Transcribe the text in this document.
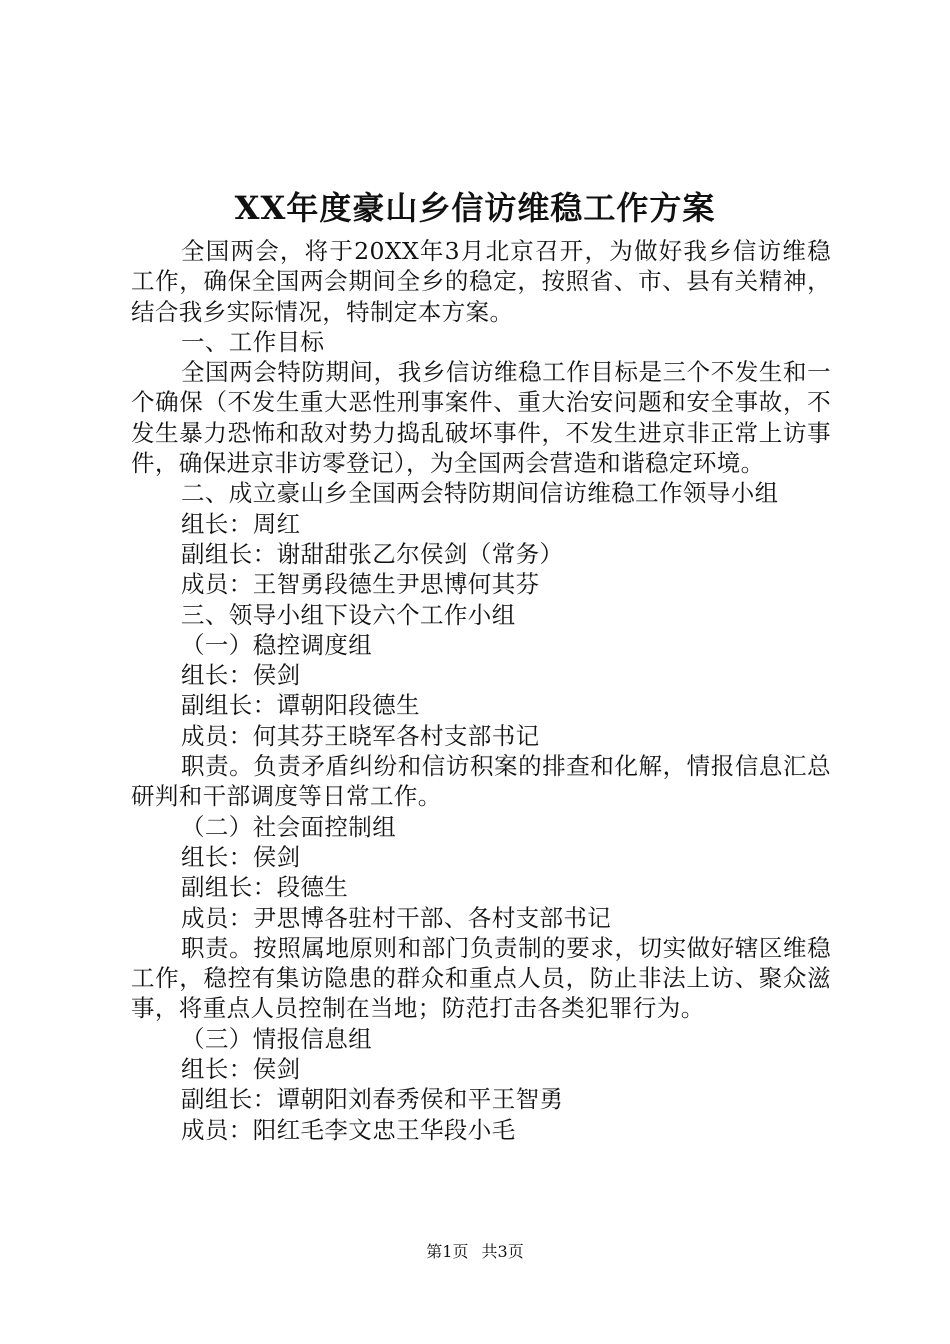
XX年度豪山乡信访维稳工作方案

全国两会，将于20XX年3月北京召开，为做好我乡信访维稳工作，确保全国两会期间全乡的稳定，按照省、市、县有关精神，结合我乡实际情况，特制定本方案。

一、工作目标

全国两会特防期间，我乡信访维稳工作目标是三个不发生和一个确保（不发生重大恶性刑事案件、重大治安问题和安全事故，不发生暴力恐怖和敌对势力捣乱破坏事件，不发生进京非正常上访事件，确保进京非访零登记），为全国两会营造和谐稳定环境。

二、成立豪山乡全国两会特防期间信访维稳工作领导小组

组长：周红

副组长：谢甜甜张乙尔侯剑（常务）

成员：王智勇段德生尹思博何其芬

三、领导小组下设六个工作小组

（一）稳控调度组

组长：侯剑

副组长：谭朝阳段德生

成员：何其芬王晓军各村支部书记

职责。负责矛盾纠纷和信访积案的排查和化解，情报信息汇总研判和干部调度等日常工作。

（二）社会面控制组

组长：侯剑

副组长：段德生

成员：尹思博各驻村干部、各村支部书记

职责。按照属地原则和部门负责制的要求，切实做好辖区维稳工作，稳控有集访隐患的群众和重点人员，防止非法上访、聚众滋事，将重点人员控制在当地；防范打击各类犯罪行为。

（三）情报信息组

组长：侯剑

副组长：谭朝阳刘春秀侯和平王智勇

成员：阳红毛李文忠王华段小毛

第1页 共3页
